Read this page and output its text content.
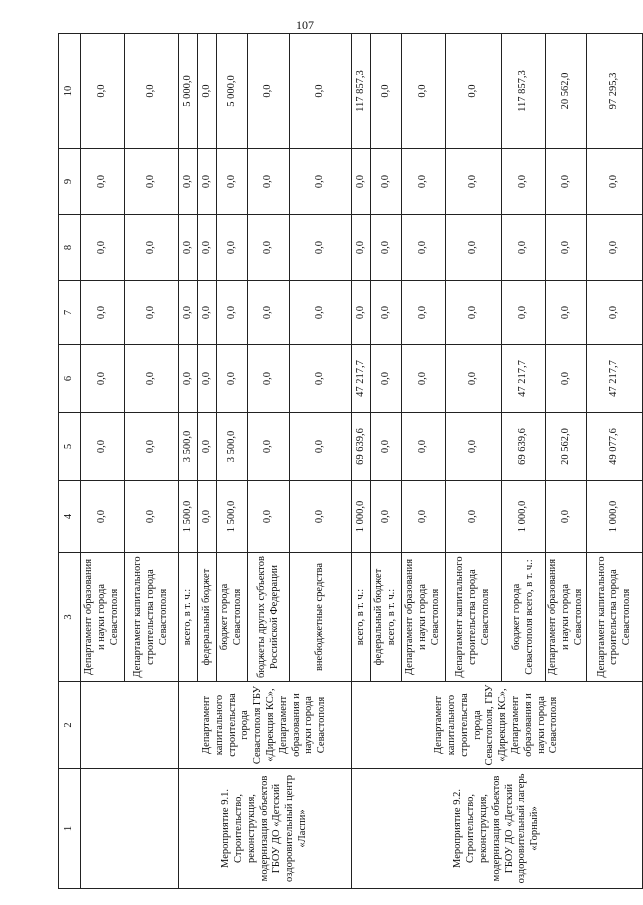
107
1	2	3	4	5	6	7	8	9	10
		Департамент образования и науки города Севастополя	0,0	0,0	0,0	0,0	0,0	0,0	0,0
		Департамент капитального строительства города Севастополя	0,0	0,0	0,0	0,0	0,0	0,0	0,0
Мероприятие 9.1. Строительство, реконструкция, модернизация объектов ГБОУ ДО «Детский оздоровительный центр «Ласпи»	Департамент капитального строительства города Севастополя ГБУ «Дирекция КС», Департамент образования и науки города Севастополя	всего, в т. ч.:	1 500,0	3 500,0	0,0	0,0	0,0	0,0	5 000,0
		федеральный бюджет	0,0	0,0	0,0	0,0	0,0	0,0	0,0
		бюджет города Севастополя	1 500,0	3 500,0	0,0	0,0	0,0	0,0	5 000,0
		бюджеты других субъектов Российской Федерации	0,0	0,0	0,0	0,0	0,0	0,0	0,0
		внебюджетные средства	0,0	0,0	0,0	0,0	0,0	0,0	0,0
Мероприятие 9.2. Строительство, реконструкция, модернизация объектов ГБОУ ДО «Детский оздоровительный лагерь «Горный»	Департамент капитального строительства города Севастополя, ГБУ «Дирекция КС», Департамент образования и науки города Севастополя	всего, в т. ч.:	1 000,0	69 639,6	47 217,7	0,0	0,0	0,0	117 857,3
		федеральный бюджет всего, в т. ч.:	0,0	0,0	0,0	0,0	0,0	0,0	0,0
		Департамент образования и науки города Севастополя	0,0	0,0	0,0	0,0	0,0	0,0	0,0
		Департамент капитального строительства города Севастополя	0,0	0,0	0,0	0,0	0,0	0,0	0,0
		бюджет города Севастополя всего, в т. ч.:	1 000,0	69 639,6	47 217,7	0,0	0,0	0,0	117 857,3
		Департамент образования и науки города Севастополя	0,0	20 562,0	0,0	0,0	0,0	0,0	20 562,0
		Департамент капитального строительства города Севастополя	1 000,0	49 077,6	47 217,7	0,0	0,0	0,0	97 295,3
